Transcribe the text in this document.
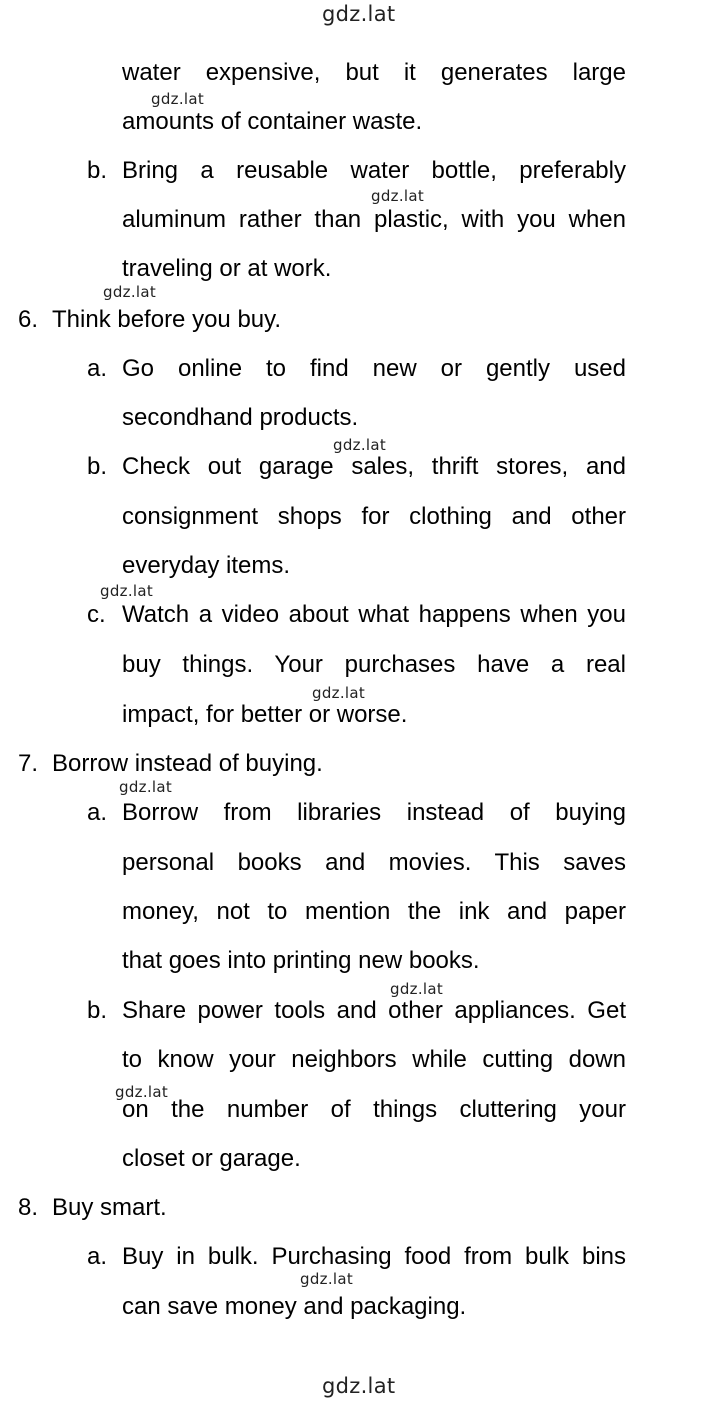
gdz.lat
gdz.lat
gdz.lat
gdz.lat
gdz.lat
gdz.lat
gdz.lat
gdz.lat
gdz.lat
gdz.lat
gdz.lat
gdz.lat
water expensive, but it generates large
amounts of container waste.
b. Bring a reusable water bottle, preferably
aluminum rather than plastic, with you when
traveling or at work.
6. Think before you buy.
a. Go online to find new or gently used
secondhand products.
b. Check out garage sales, thrift stores, and
consignment shops for clothing and other
everyday items.
c. Watch a video about what happens when you
buy things. Your purchases have a real
impact, for better or worse.
7. Borrow instead of buying.
a. Borrow from libraries instead of buying
personal books and movies. This saves
money, not to mention the ink and paper
that goes into printing new books.
b. Share power tools and other appliances. Get
to know your neighbors while cutting down
on the number of things cluttering your
closet or garage.
8. Buy smart.
a. Buy in bulk. Purchasing food from bulk bins
can save money and packaging.
